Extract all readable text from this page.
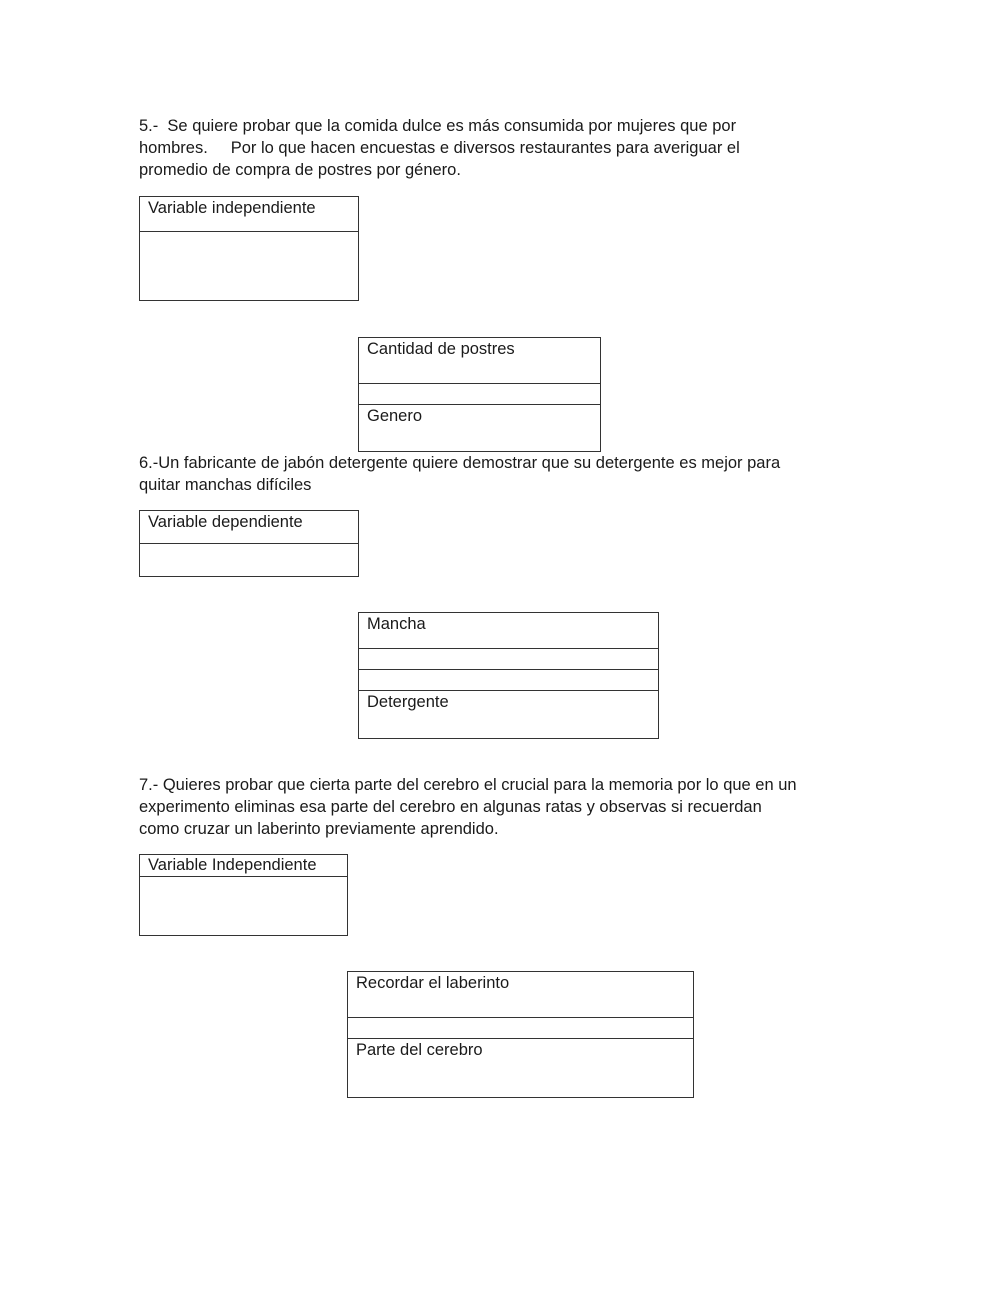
5.-  Se quiere probar que la comida dulce es más consumida por mujeres que por
hombres.     Por lo que hacen encuestas e diversos restaurantes para averiguar el
promedio de compra de postres por género.
Variable independiente
Cantidad de postres
Genero
6.-Un fabricante de jabón detergente quiere demostrar que su detergente es mejor para
quitar manchas difíciles
Variable dependiente
Mancha
Detergente
7.- Quieres probar que cierta parte del cerebro el crucial para la memoria por lo que en un
experimento eliminas esa parte del cerebro en algunas ratas y observas si recuerdan
como cruzar un laberinto previamente aprendido.
Variable Independiente
Recordar el laberinto
Parte del cerebro
